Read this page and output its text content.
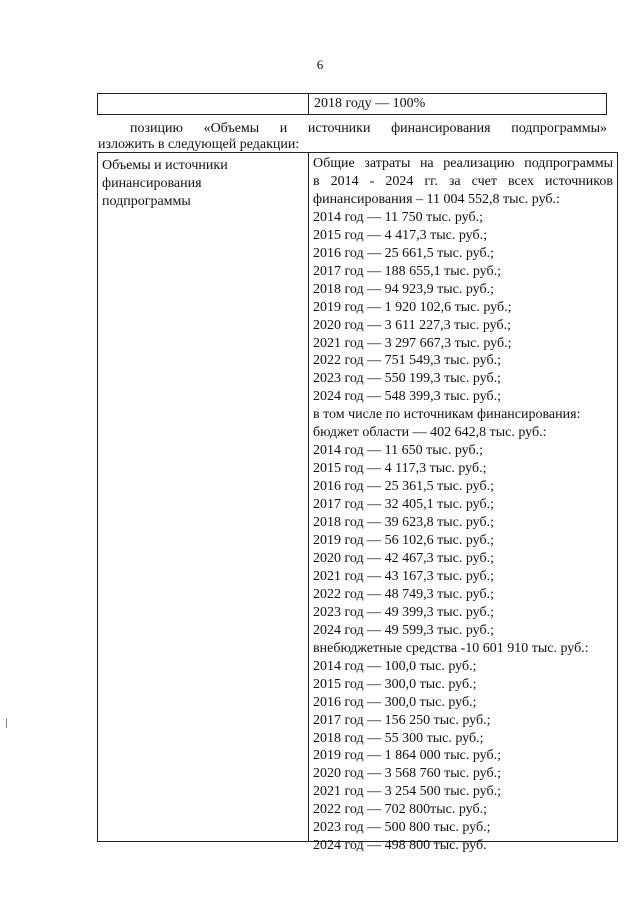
6
2018 году — 100%
позицию «Объемы и источники финансирования подпрограммы»
изложить в следующей редакции:
Объемы и источники
финансирования
подпрограммы
Общие затраты на реализацию подпрограммы
в 2014 - 2024 гг. за счет всех источников
финансирования – 11 004 552,8 тыс. руб.:
2014 год — 11 750 тыс. руб.;
2015 год — 4 417,3 тыс. руб.;
2016 год — 25 661,5 тыс. руб.;
2017 год — 188 655,1 тыс. руб.;
2018 год — 94 923,9 тыс. руб.;
2019 год — 1 920 102,6 тыс. руб.;
2020 год — 3 611 227,3 тыс. руб.;
2021 год — 3 297 667,3 тыс. руб.;
2022 год — 751 549,3 тыс. руб.;
2023 год — 550 199,3 тыс. руб.;
2024 год — 548 399,3 тыс. руб.;
в том числе по источникам финансирования:
бюджет области — 402 642,8 тыс. руб.:
2014 год — 11 650 тыс. руб.;
2015 год — 4 117,3 тыс. руб.;
2016 год — 25 361,5 тыс. руб.;
2017 год — 32 405,1 тыс. руб.;
2018 год — 39 623,8 тыс. руб.;
2019 год — 56 102,6 тыс. руб.;
2020 год — 42 467,3 тыс. руб.;
2021 год — 43 167,3 тыс. руб.;
2022 год — 48 749,3 тыс. руб.;
2023 год — 49 399,3 тыс. руб.;
2024 год — 49 599,3 тыс. руб.;
внебюджетные средства -10 601 910 тыс. руб.:
2014 год — 100,0 тыс. руб.;
2015 год — 300,0 тыс. руб.;
2016 год — 300,0 тыс. руб.;
2017 год — 156 250 тыс. руб.;
2018 год — 55 300 тыс. руб.;
2019 год — 1 864 000 тыс. руб.;
2020 год — 3 568 760 тыс. руб.;
2021 год — 3 254 500 тыс. руб.;
2022 год — 702 800тыс. руб.;
2023 год — 500 800 тыс. руб.;
2024 год — 498 800 тыс. руб.
